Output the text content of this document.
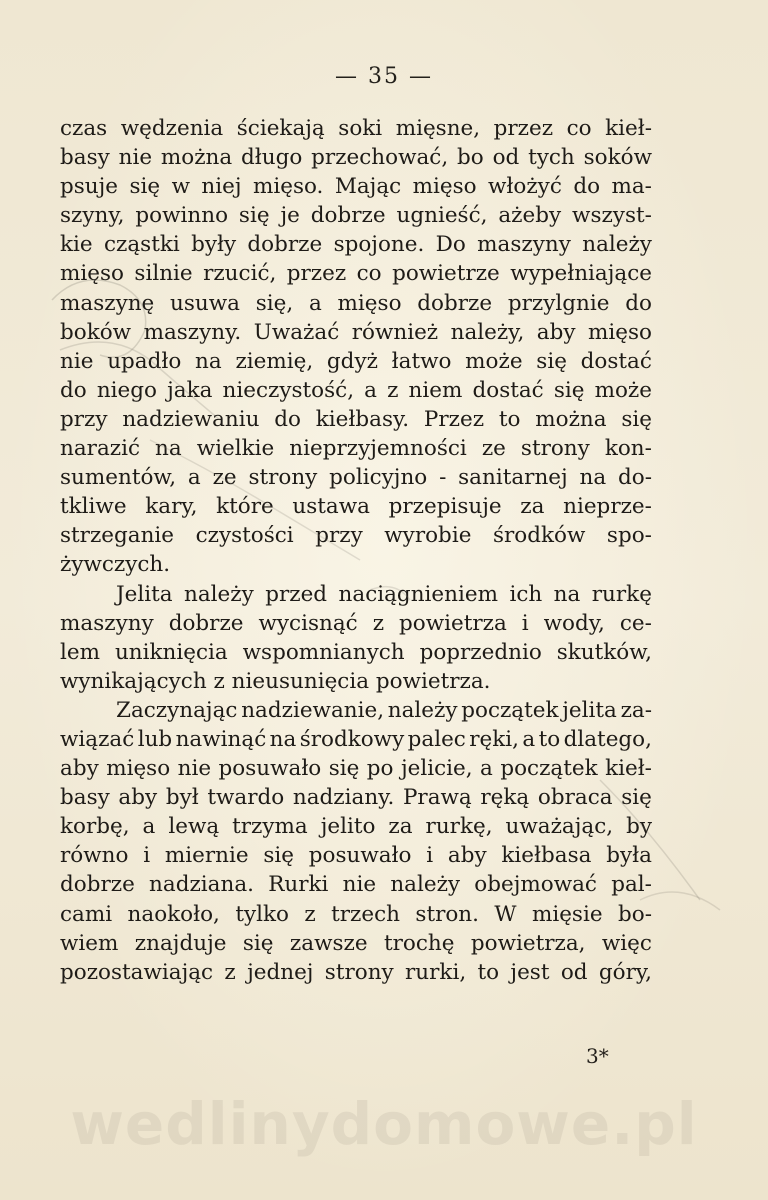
— 35 —
czas wędzenia ściekają soki mięsne, przez co kieł-
basy nie można długo przechować, bo od tych soków
psuje się w niej mięso. Mając mięso włożyć do ma-
szyny, powinno się je dobrze ugnieść, ażeby wszyst-
kie cząstki były dobrze spojone. Do maszyny należy
mięso silnie rzucić, przez co powietrze wypełniające
maszynę usuwa się, a mięso dobrze przylgnie do
boków maszyny. Uważać również należy, aby mięso
nie upadło na ziemię, gdyż łatwo może się dostać
do niego jaka nieczystość, a z niem dostać się może
przy nadziewaniu do kiełbasy. Przez to można się
narazić na wielkie nieprzyjemności ze strony kon-
sumentów, a ze strony policyjno - sanitarnej na do-
tkliwe kary, które ustawa przepisuje za nieprze-
strzeganie czystości przy wyrobie środków spo-
żywczych.
Jelita należy przed naciągnieniem ich na rurkę
maszyny dobrze wycisnąć z powietrza i wody, ce-
lem uniknięcia wspomnianych poprzednio skutków,
wynikających z nieusunięcia powietrza.
Zaczynając nadziewanie, należy początek jelita za-
wiązać lub nawinąć na środkowy palec ręki, a to dlatego,
aby mięso nie posuwało się po jelicie, a początek kieł-
basy aby był twardo nadziany. Prawą ręką obraca się
korbę, a lewą trzyma jelito za rurkę, uważając, by
równo i miernie się posuwało i aby kiełbasa była
dobrze nadziana. Rurki nie należy obejmować pal-
cami naokoło, tylko z trzech stron. W mięsie bo-
wiem znajduje się zawsze trochę powietrza, więc
pozostawiając z jednej strony rurki, to jest od góry,
3*
wedlinydomowe.pl
